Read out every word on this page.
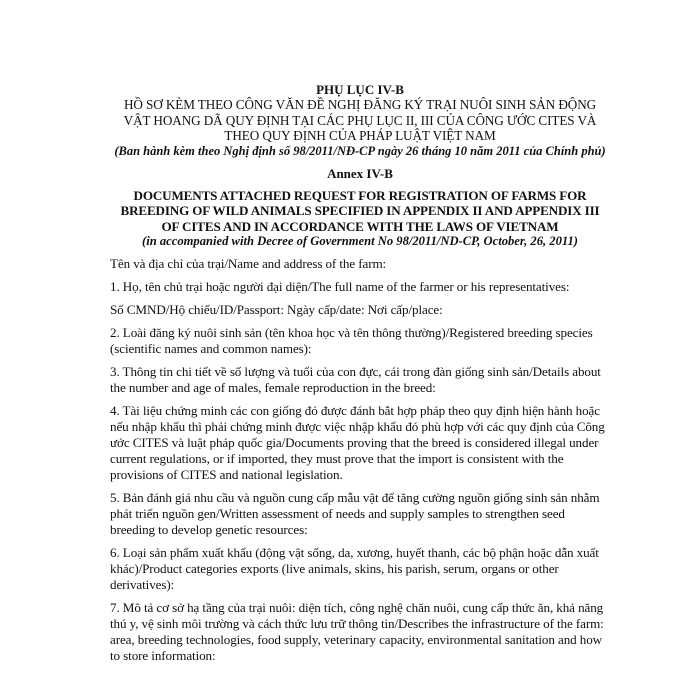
PHỤ LỤC IV-B
HỒ SƠ KÈM THEO CÔNG VĂN ĐỀ NGHỊ ĐĂNG KÝ TRẠI NUÔI SINH SẢN ĐỘNG VẬT HOANG DÃ QUY ĐỊNH TẠI CÁC PHỤ LỤC II, III CỦA CÔNG ƯỚC CITES VÀ THEO QUY ĐỊNH CỦA PHÁP LUẬT VIỆT NAM
(Ban hành kèm theo Nghị định số 98/2011/NĐ-CP ngày 26 tháng 10 năm 2011 của Chính phủ)
Annex IV-B
DOCUMENTS ATTACHED REQUEST FOR REGISTRATION OF FARMS FOR BREEDING OF WILD ANIMALS SPECIFIED IN APPENDIX II AND APPENDIX III OF CITES AND IN ACCORDANCE WITH THE LAWS OF VIETNAM
(in accompanied with Decree of Government No 98/2011/ND-CP, October, 26, 2011)

Tên và địa chỉ của trại/Name and address of the farm:

1. Họ, tên chủ trại hoặc người đại diện/The full name of the farmer or his representatives:

Số CMND/Hộ chiếu/ID/Passport: Ngày cấp/date: Nơi cấp/place:

2. Loài đăng ký nuôi sinh sản (tên khoa học và tên thông thường)/Registered breeding species (scientific names and common names):

3. Thông tin chi tiết về số lượng và tuổi của con đực, cái trong đàn giống sinh sản/Details about the number and age of males, female reproduction in the breed:

4. Tài liệu chứng minh các con giống đó được đánh bắt hợp pháp theo quy định hiện hành hoặc nếu nhập khẩu thì phải chứng minh được việc nhập khẩu đó phù hợp với các quy định của Công ước CITES và luật pháp quốc gia/Documents proving that the breed is considered illegal under current regulations, or if imported, they must prove that the import is consistent with the provisions of CITES and national legislation.

5. Bản đánh giá nhu cầu và nguồn cung cấp mẫu vật để tăng cường nguồn giống sinh sản nhằm phát triển nguồn gen/Written assessment of needs and supply samples to strengthen seed breeding to develop genetic resources:

6. Loại sản phẩm xuất khẩu (động vật sống, da, xương, huyết thanh, các bộ phận hoặc dẫn xuất khác)/Product categories exports (live animals, skins, his parish, serum, organs or other derivatives):

7. Mô tả cơ sở hạ tầng của trại nuôi: diện tích, công nghệ chăn nuôi, cung cấp thức ăn, khả năng thú y, vệ sinh môi trường và cách thức lưu trữ thông tin/Describes the infrastructure of the farm: area, breeding technologies, food supply, veterinary capacity, environmental sanitation and how to store information:
